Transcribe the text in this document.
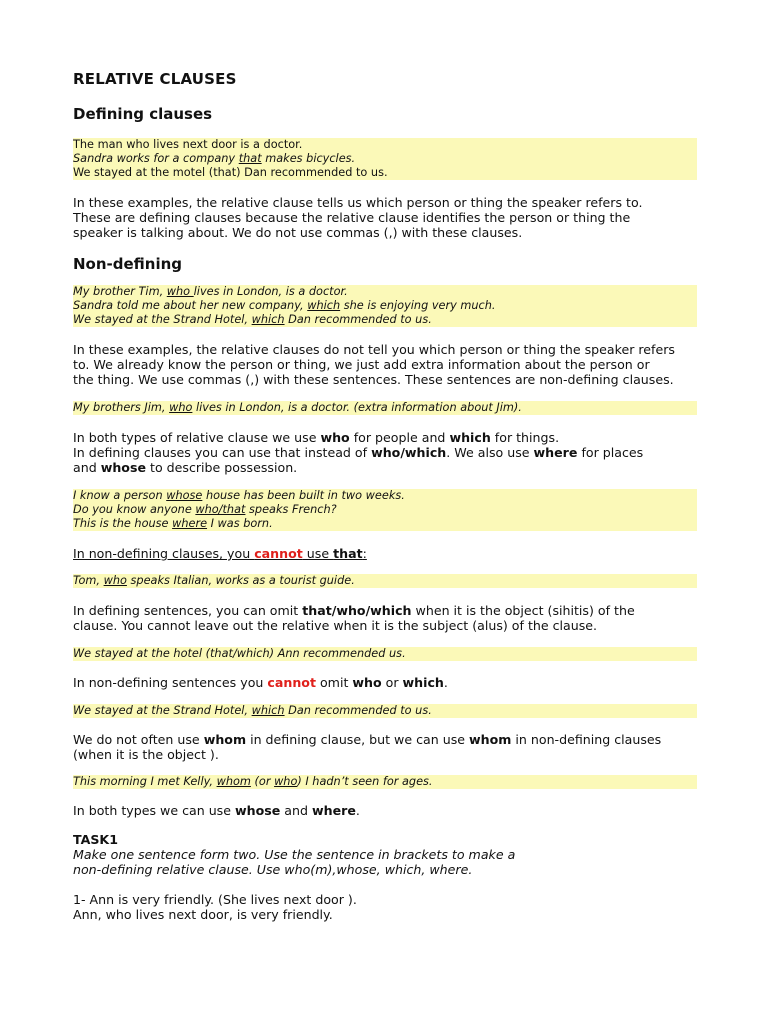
RELATIVE CLAUSES
Defining clauses
The man who lives next door is a doctor.
Sandra works for a company that makes bicycles.
We stayed at the motel (that) Dan recommended to us.
In these examples, the relative clause tells us which person or thing the speaker refers to.
These are defining clauses because the relative clause identifies the person or thing the
speaker is talking about. We do not use commas (,) with these clauses.
Non-defining
My brother Tim, who lives in London, is a doctor.
Sandra told me about her new company, which she is enjoying very much.
We stayed at the Strand Hotel, which Dan recommended to us.
In these examples, the relative clauses do not tell you which person or thing the speaker refers
to. We already know the person or thing, we just add extra information about the person or
the thing. We use commas (,) with these sentences. These sentences are non-defining clauses.
My brothers Jim, who lives in London, is a doctor. (extra information about Jim).
In both types of relative clause we use who for people and which for things.
In defining clauses you can use that instead of who/which. We also use where for places
and whose to describe possession.
I know a person whose house has been built in two weeks.
Do you know anyone who/that speaks French?
This is the house where I was born.
In non-defining clauses, you cannot use that:
Tom, who speaks Italian, works as a tourist guide.
In defining sentences, you can omit that/who/which when it is the object (sihitis) of the
clause. You cannot leave out the relative when it is the subject (alus) of the clause.
We stayed at the hotel (that/which) Ann recommended us.
In non-defining sentences you cannot omit who or which.
We stayed at the Strand Hotel, which Dan recommended to us.
We do not often use whom in defining clause, but we can use whom in non-defining clauses
(when it is the object ).
This morning I met Kelly, whom (or who) I hadn’t seen for ages.
In both types we can use whose and where.
TASK1
Make one sentence form two. Use the sentence in brackets to make a
non-defining relative clause. Use who(m),whose, which, where.
1- Ann is very friendly. (She lives next door ).
Ann, who lives next door, is very friendly.
